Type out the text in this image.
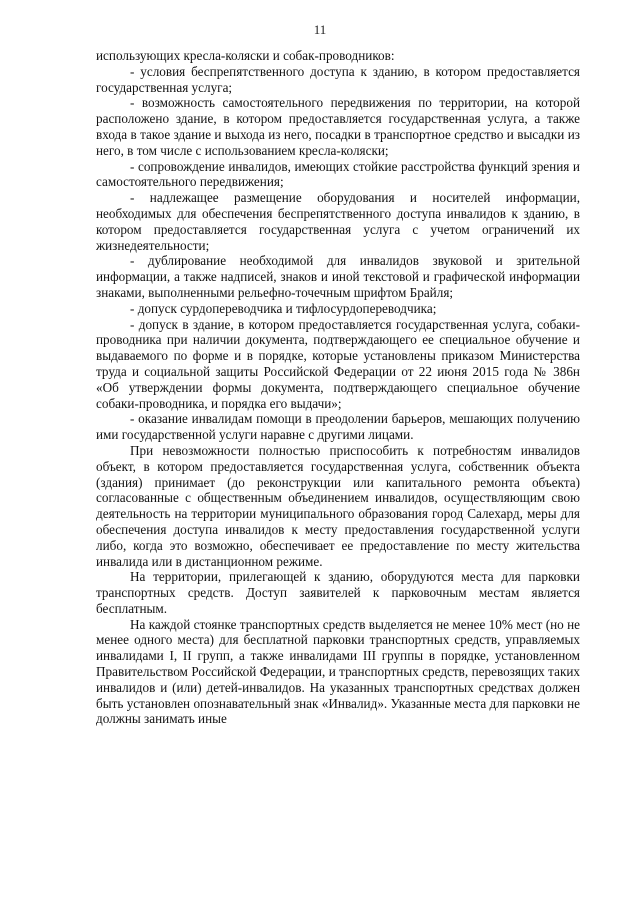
11

использующих кресла-коляски и собак-проводников:

- условия беспрепятственного доступа к зданию, в котором предоставляется государственная услуга;

- возможность самостоятельного передвижения по территории, на которой расположено здание, в котором предоставляется государственная услуга, а также входа в такое здание и выхода из него, посадки в транспортное средство и высадки из него, в том числе с использованием кресла-коляски;

- сопровождение инвалидов, имеющих стойкие расстройства функций зрения и самостоятельного передвижения;

- надлежащее размещение оборудования и носителей информации, необходимых для обеспечения беспрепятственного доступа инвалидов к зданию, в котором предоставляется государственная услуга с учетом ограничений их жизнедеятельности;

- дублирование необходимой для инвалидов звуковой и зрительной информации, а также надписей, знаков и иной текстовой и графической информации знаками, выполненными рельефно-точечным шрифтом Брайля;

- допуск сурдопереводчика и тифлосурдопереводчика;

- допуск в здание, в котором предоставляется государственная услуга, собаки-проводника при наличии документа, подтверждающего ее специальное обучение и выдаваемого по форме и в порядке, которые установлены приказом Министерства труда и социальной защиты Российской Федерации от 22 июня 2015 года № 386н «Об утверждении формы документа, подтверждающего специальное обучение собаки-проводника, и порядка его выдачи»;

- оказание инвалидам помощи в преодолении барьеров, мешающих получению ими государственной услуги наравне с другими лицами.

При невозможности полностью приспособить к потребностям инвалидов объект, в котором предоставляется государственная услуга, собственник объекта (здания) принимает (до реконструкции или капитального ремонта объекта) согласованные с общественным объединением инвалидов, осуществляющим свою деятельность на территории муниципального образования город Салехард, меры для обеспечения доступа инвалидов к месту предоставления государственной услуги либо, когда это возможно, обеспечивает ее предоставление по месту жительства инвалида или в дистанционном режиме.

На территории, прилегающей к зданию, оборудуются места для парковки транспортных средств. Доступ заявителей к парковочным местам является бесплатным.

На каждой стоянке транспортных средств выделяется не менее 10% мест (но не менее одного места) для бесплатной парковки транспортных средств, управляемых инвалидами I, II групп, а также инвалидами III группы в порядке, установленном Правительством Российской Федерации, и транспортных средств, перевозящих таких инвалидов и (или) детей-инвалидов. На указанных транспортных средствах должен быть установлен опознавательный знак «Инвалид». Указанные места для парковки не должны занимать иные
